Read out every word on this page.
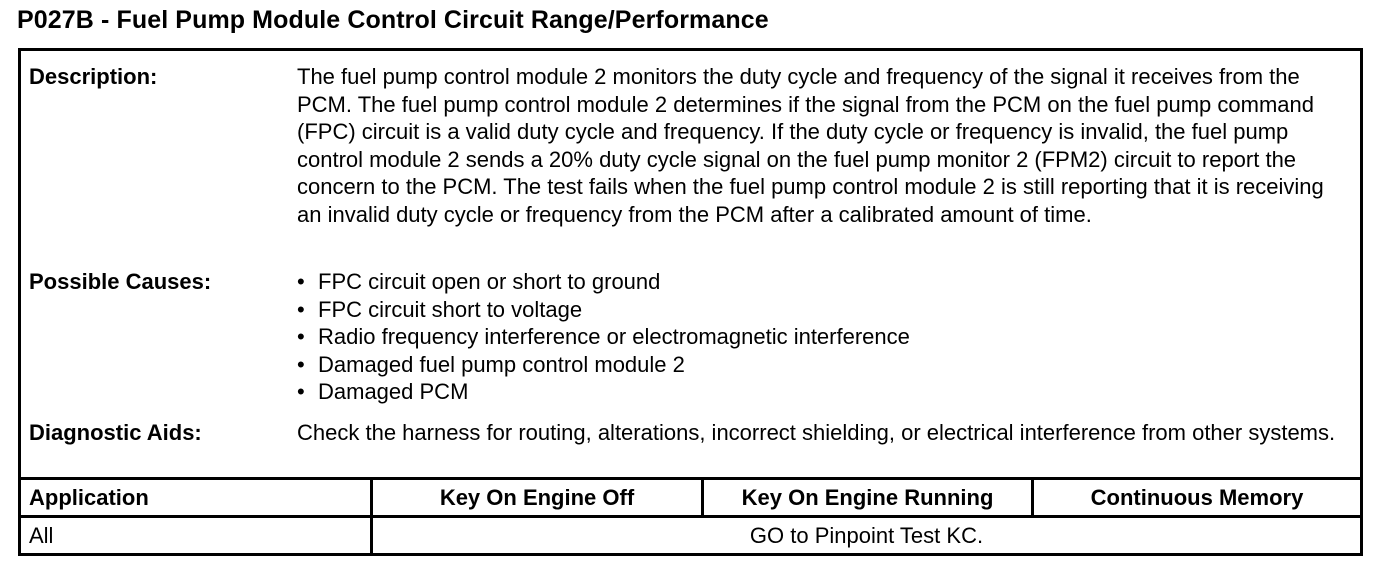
P027B - Fuel Pump Module Control Circuit Range/Performance
Description:	The fuel pump control module 2 monitors the duty cycle and frequency of the signal it receives from the PCM. The fuel pump control module 2 determines if the signal from the PCM on the fuel pump command (FPC) circuit is a valid duty cycle and frequency. If the duty cycle or frequency is invalid, the fuel pump control module 2 sends a 20% duty cycle signal on the fuel pump monitor 2 (FPM2) circuit to report the concern to the PCM. The test fails when the fuel pump control module 2 is still reporting that it is receiving an invalid duty cycle or frequency from the PCM after a calibrated amount of time.

Possible Causes:
•	FPC circuit open or short to ground
• FPC circuit short to voltage
• Radio frequency interference or electromagnetic interference
• Damaged fuel pump control module 2
• Damaged PCM
Diagnostic Aids:	Check the harness for routing, alterations, incorrect shielding, or electrical interference from other systems.

Application	Key On Engine Off	Key On Engine Running	Continuous Memory
All	GO to Pinpoint Test KC.
